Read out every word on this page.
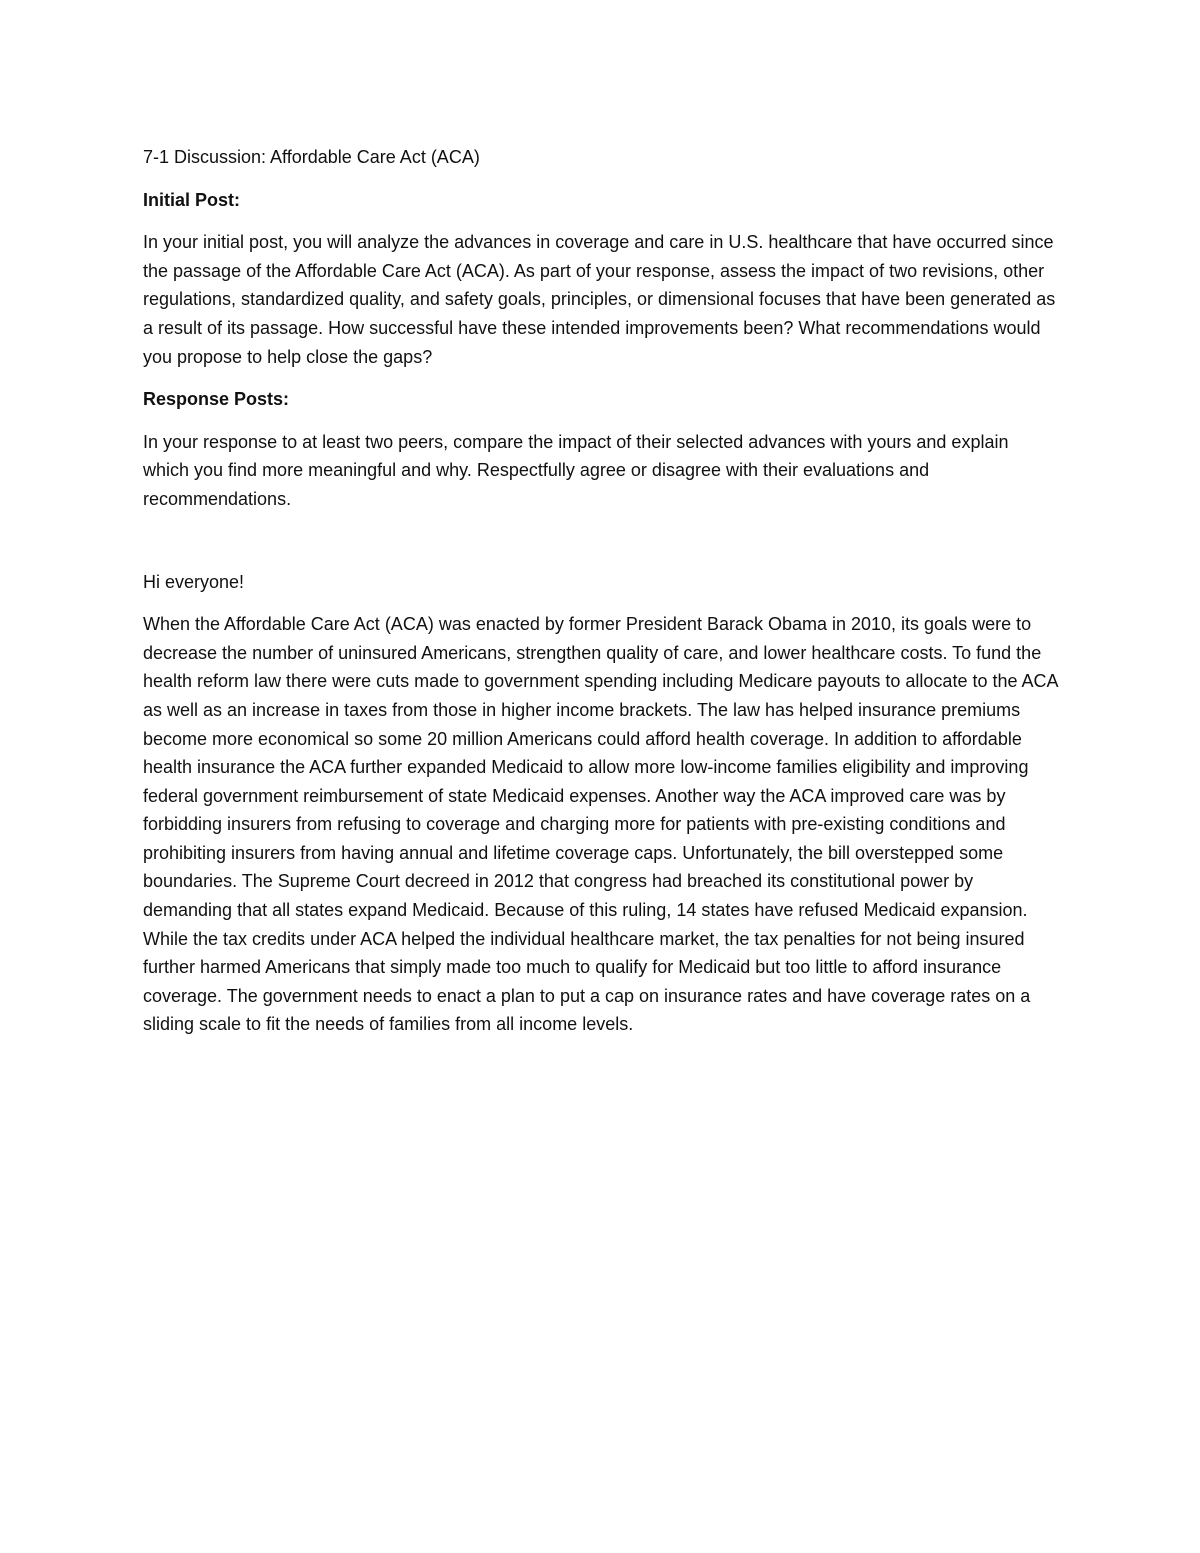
7-1 Discussion: Affordable Care Act (ACA)

Initial Post:

In your initial post, you will analyze the advances in coverage and care in U.S. healthcare that have occurred since the passage of the Affordable Care Act (ACA). As part of your response, assess the impact of two revisions, other regulations, standardized quality, and safety goals, principles, or dimensional focuses that have been generated as a result of its passage. How successful have these intended improvements been? What recommendations would you propose to help close the gaps?

Response Posts:

In your response to at least two peers, compare the impact of their selected advances with yours and explain which you find more meaningful and why. Respectfully agree or disagree with their evaluations and recommendations.

Hi everyone!

When the Affordable Care Act (ACA) was enacted by former President Barack Obama in 2010, its goals were to decrease the number of uninsured Americans, strengthen quality of care, and lower healthcare costs. To fund the health reform law there were cuts made to government spending including Medicare payouts to allocate to the ACA as well as an increase in taxes from those in higher income brackets. The law has helped insurance premiums become more economical so some 20 million Americans could afford health coverage. In addition to affordable health insurance the ACA further expanded Medicaid to allow more low-income families eligibility and improving federal government reimbursement of state Medicaid expenses. Another way the ACA improved care was by forbidding insurers from refusing to coverage and charging more for patients with pre-existing conditions and prohibiting insurers from having annual and lifetime coverage caps. Unfortunately, the bill overstepped some boundaries. The Supreme Court decreed in 2012 that congress had breached its constitutional power by demanding that all states expand Medicaid. Because of this ruling, 14 states have refused Medicaid expansion. While the tax credits under ACA helped the individual healthcare market, the tax penalties for not being insured further harmed Americans that simply made too much to qualify for Medicaid but too little to afford insurance coverage. The government needs to enact a plan to put a cap on insurance rates and have coverage rates on a sliding scale to fit the needs of families from all income levels.
